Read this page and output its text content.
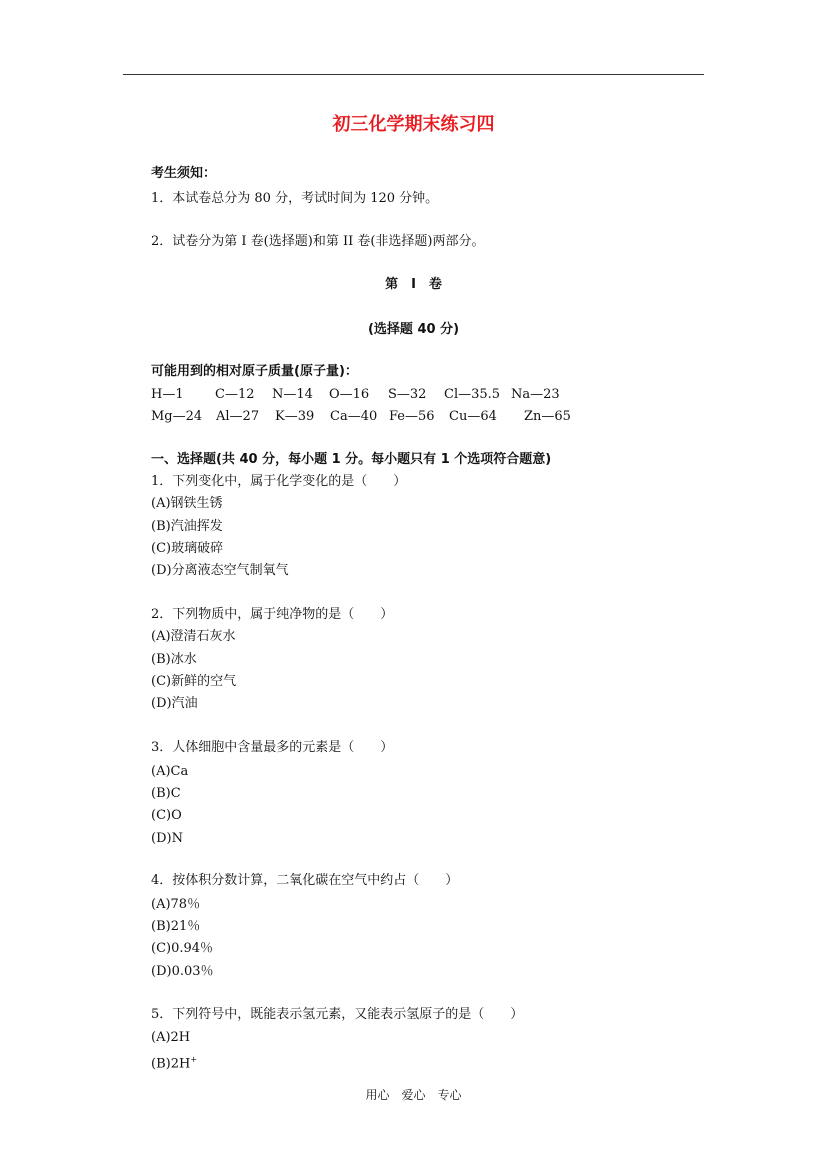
初三化学期末练习四
考生须知：
1．本试卷总分为 80 分，考试时间为 120 分钟。
2．试卷分为第 I 卷(选择题)和第 II 卷(非选择题)两部分。
第　I　卷
(选择题 40 分)
可能用到的相对原子质量(原子量)：
H—1	C—12	N—14	O—16	S—32	Cl—35.5 Na—23
Mg—24	Al—27	K—39	Ca—40 Fe—56	Cu—64	Zn—65
一、选择题(共 40 分，每小题 1 分。每小题只有 1 个选项符合题意)
1．下列变化中，属于化学变化的是（　　）
(A)钢铁生锈
(B)汽油挥发
(C)玻璃破碎
(D)分离液态空气制氧气
2．下列物质中，属于纯净物的是（　　）
(A)澄清石灰水
(B)冰水
(C)新鲜的空气
(D)汽油
3．人体细胞中含量最多的元素是（　　）
(A)Ca
(B)C
(C)O
(D)N
4．按体积分数计算，二氧化碳在空气中约占（　　）
(A)78％
(B)21％
(C)0.94％
(D)0.03％
5．下列符号中，既能表示氢元素，又能表示氢原子的是（　　）
(A)2H
(B)2H+
用心　爱心　专心
